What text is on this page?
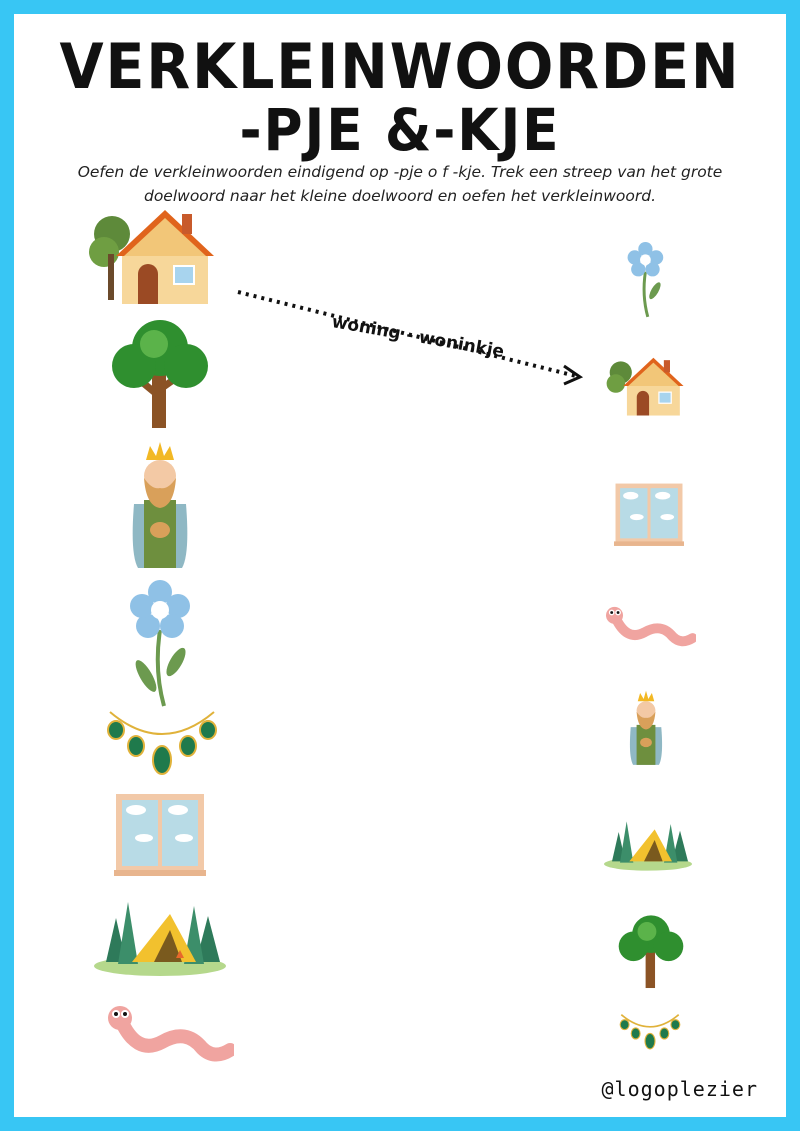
VERKLEINWOORDEN
-PJE &-KJE
Oefen de verkleinwoorden eindigend op -pje o f -kje. Trek een streep van het grote doelwoord naar het kleine doelwoord en oefen het verkleinwoord.
woning - woninkje
@logoplezier
